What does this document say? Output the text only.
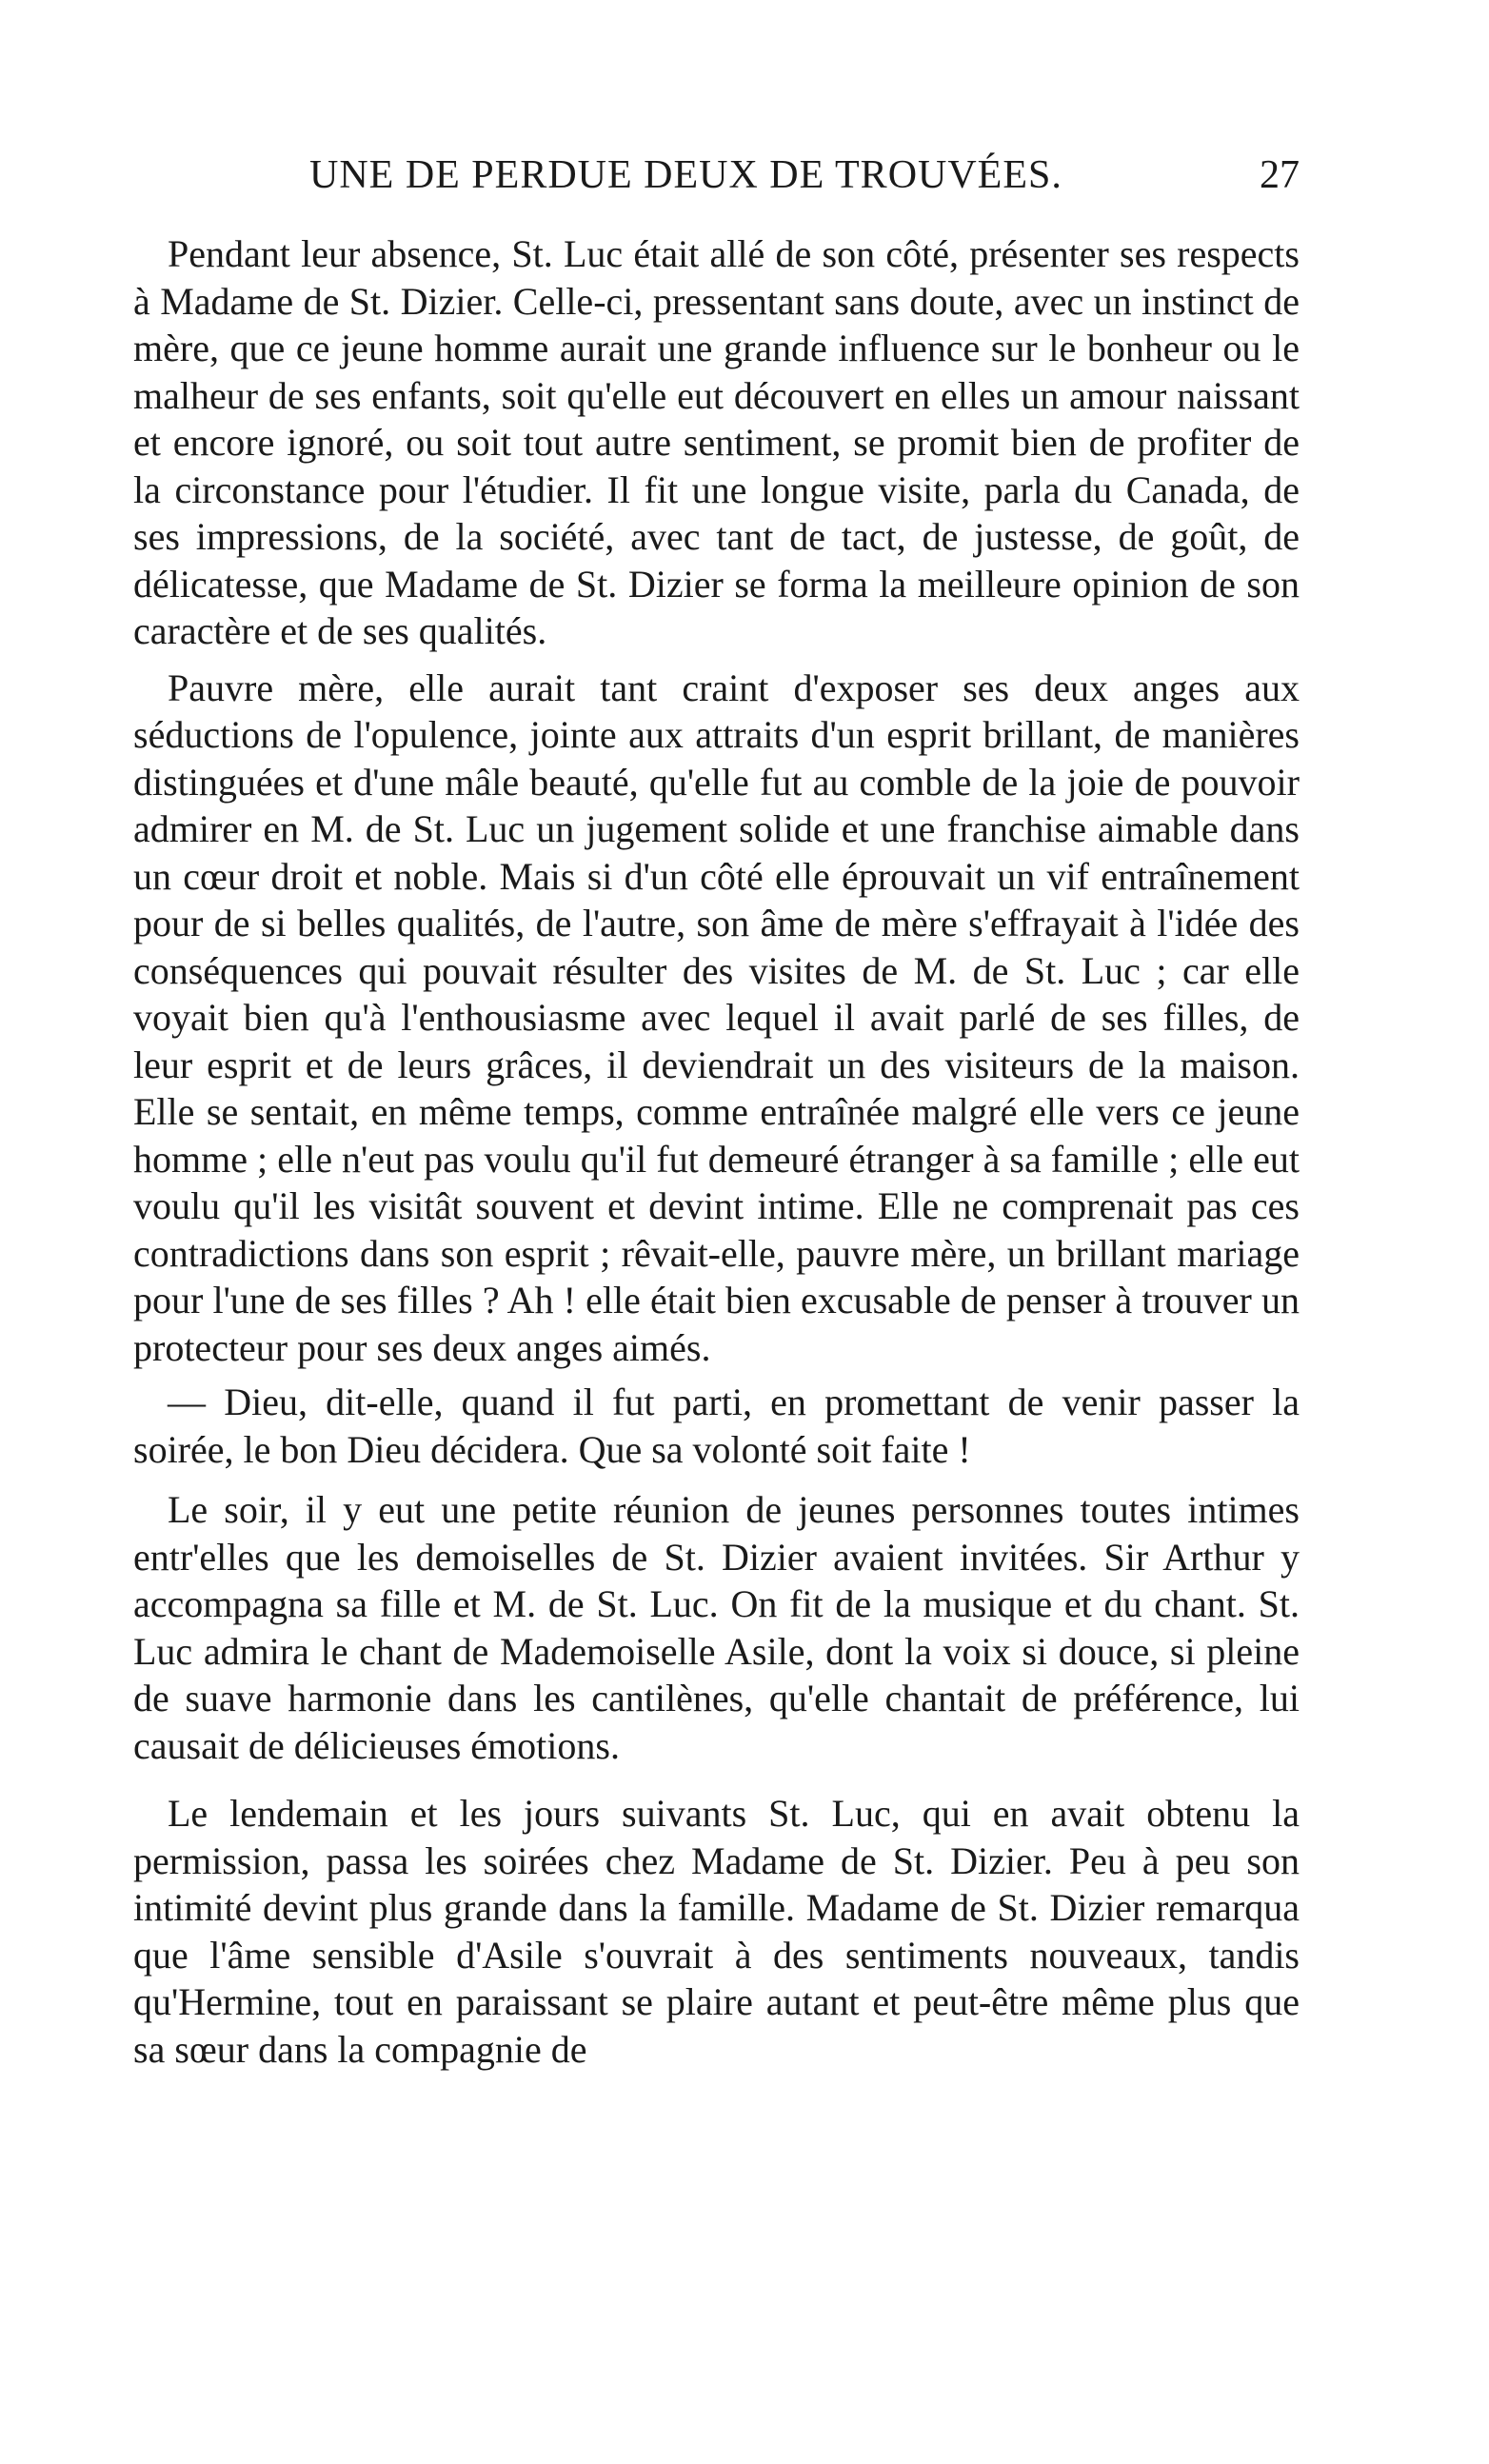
UNE DE PERDUE DEUX DE TROUVÉES.	27

Pendant leur absence, St. Luc était allé de son côté, présenter ses respects à Madame de St. Dizier. Celle-ci, pressentant sans doute, avec un instinct de mère, que ce jeune homme aurait une grande influence sur le bonheur ou le malheur de ses enfants, soit qu'elle eut découvert en elles un amour naissant et encore ignoré, ou soit tout autre sentiment, se promit bien de profiter de la circonstance pour l'étudier. Il fit une longue visite, parla du Canada, de ses impressions, de la société, avec tant de tact, de justesse, de goût, de délicatesse, que Madame de St. Dizier se forma la meilleure opinion de son caractère et de ses qualités.

Pauvre mère, elle aurait tant craint d'exposer ses deux anges aux séductions de l'opulence, jointe aux attraits d'un esprit brillant, de manières distinguées et d'une mâle beauté, qu'elle fut au comble de la joie de pouvoir admirer en M. de St. Luc un jugement solide et une franchise aimable dans un cœur droit et noble. Mais si d'un côté elle éprouvait un vif entraînement pour de si belles qualités, de l'autre, son âme de mère s'effrayait à l'idée des conséquences qui pouvait résulter des visites de M. de St. Luc ; car elle voyait bien qu'à l'enthousiasme avec lequel il avait parlé de ses filles, de leur esprit et de leurs grâces, il deviendrait un des visiteurs de la maison. Elle se sentait, en même temps, comme entraînée malgré elle vers ce jeune homme ; elle n'eut pas voulu qu'il fut demeuré étranger à sa famille ; elle eut voulu qu'il les visitât souvent et devint intime. Elle ne comprenait pas ces contradictions dans son esprit ; rêvait-elle, pauvre mère, un brillant mariage pour l'une de ses filles ? Ah ! elle était bien excusable de penser à trouver un protecteur pour ses deux anges aimés.

— Dieu, dit-elle, quand il fut parti, en promettant de venir passer la soirée, le bon Dieu décidera. Que sa volonté soit faite !

Le soir, il y eut une petite réunion de jeunes personnes toutes intimes entr'elles que les demoiselles de St. Dizier avaient invitées. Sir Arthur y accompagna sa fille et M. de St. Luc. On fit de la musique et du chant. St. Luc admira le chant de Mademoiselle Asile, dont la voix si douce, si pleine de suave harmonie dans les cantilènes, qu'elle chantait de préférence, lui causait de délicieuses émotions.

Le lendemain et les jours suivants St. Luc, qui en avait obtenu la permission, passa les soirées chez Madame de St. Dizier. Peu à peu son intimité devint plus grande dans la famille. Madame de St. Dizier remarqua que l'âme sensible d'Asile s'ouvrait à des sentiments nouveaux, tandis qu'Hermine, tout en paraissant se plaire autant et peut-être même plus que sa sœur dans la compagnie de
